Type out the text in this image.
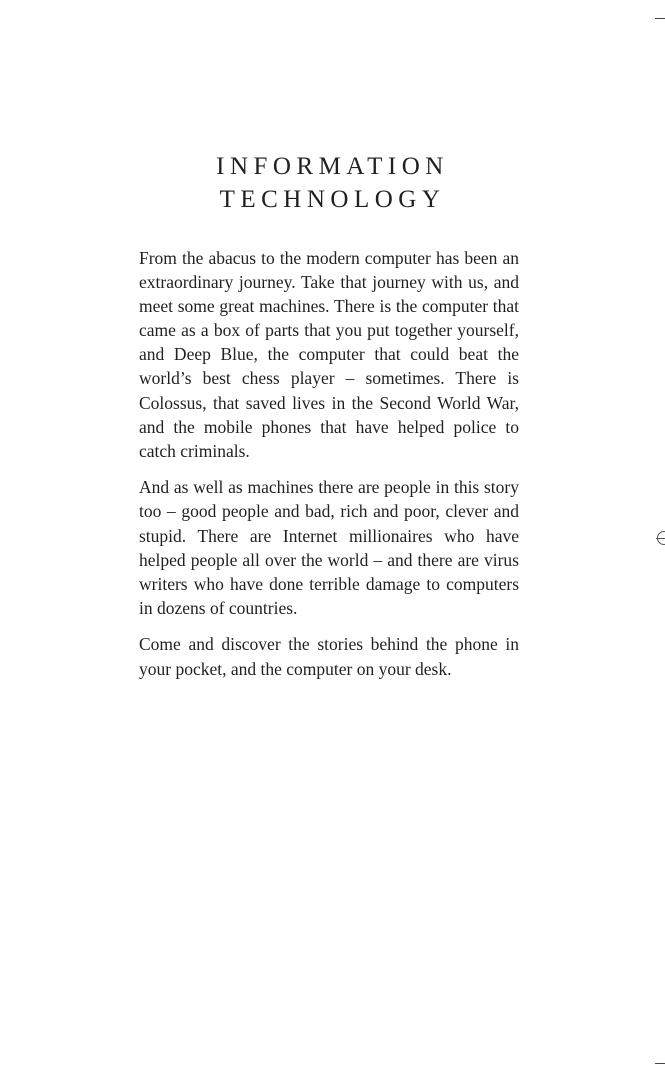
INFORMATION
TECHNOLOGY

From the abacus to the modern computer has been an extraordinary journey. Take that journey with us, and meet some great machines. There is the computer that came as a box of parts that you put together yourself, and Deep Blue, the computer that could beat the world’s best chess player – sometimes. There is Colossus, that saved lives in the Second World War, and the mobile phones that have helped police to catch criminals.

And as well as machines there are people in this story too – good people and bad, rich and poor, clever and stupid. There are Internet millionaires who have helped people all over the world – and there are virus writers who have done terrible damage to computers in dozens of countries.

Come and discover the stories behind the phone in your pocket, and the computer on your desk.
